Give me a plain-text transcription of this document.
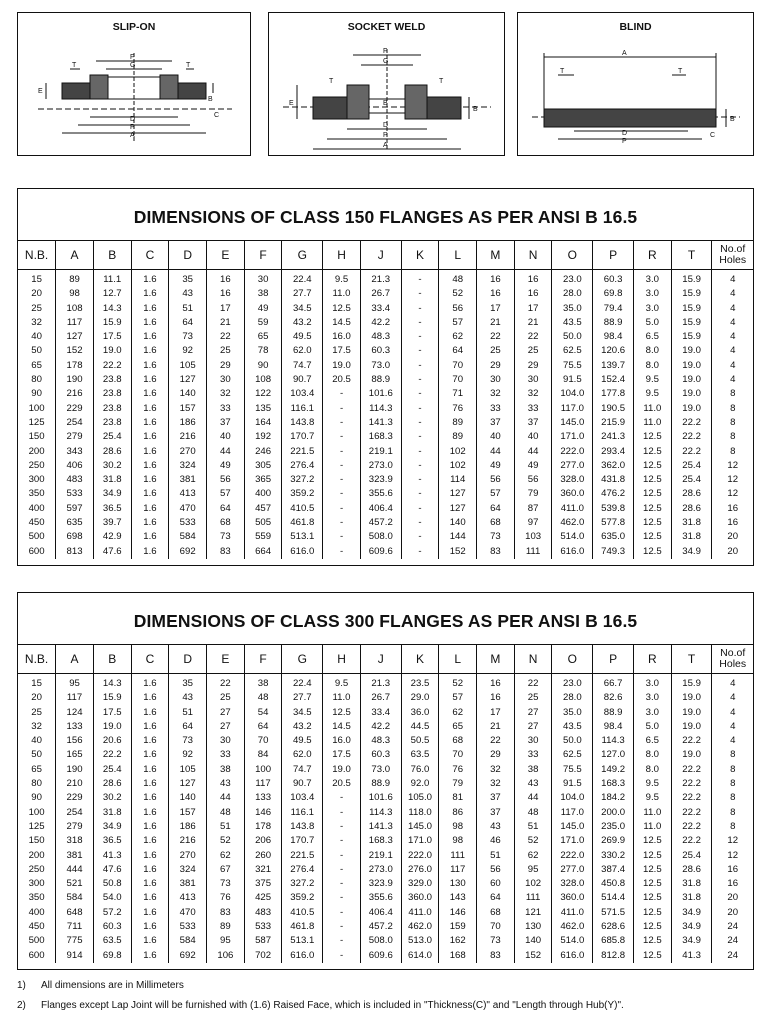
SLIP-ON
A
P
D
F
G
E
B
C
T	T
SOCKET WELD
F
G
P
D
A
E
B
B
T	T
BLIND
A
D
P
T	T
B
C
DIMENSIONS OF CLASS 150 FLANGES AS PER ANSI B 16.5
N.B.	A	B	C	D	E	F	G	H	J	K	L	M	N	O	P	R	T	No.of Holes
15	89	11.1	1.6	35	16	30	22.4	9.5	21.3	-	48	16	16	23.0	60.3	3.0	15.9	4
20	98	12.7	1.6	43	16	38	27.7	11.0	26.7	-	52	16	16	28.0	69.8	3.0	15.9	4
25	108	14.3	1.6	51	17	49	34.5	12.5	33.4	-	56	17	17	35.0	79.4	3.0	15.9	4
32	117	15.9	1.6	64	21	59	43.2	14.5	42.2	-	57	21	21	43.5	88.9	5.0	15.9	4
40	127	17.5	1.6	73	22	65	49.5	16.0	48.3	-	62	22	22	50.0	98.4	6.5	15.9	4
50	152	19.0	1.6	92	25	78	62.0	17.5	60.3	-	64	25	25	62.5	120.6	8.0	19.0	4
65	178	22.2	1.6	105	29	90	74.7	19.0	73.0	-	70	29	29	75.5	139.7	8.0	19.0	4
80	190	23.8	1.6	127	30	108	90.7	20.5	88.9	-	70	30	30	91.5	152.4	9.5	19.0	4
90	216	23.8	1.6	140	32	122	103.4	-	101.6	-	71	32	32	104.0	177.8	9.5	19.0	8
100	229	23.8	1.6	157	33	135	116.1	-	114.3	-	76	33	33	117.0	190.5	11.0	19.0	8
125	254	23.8	1.6	186	37	164	143.8	-	141.3	-	89	37	37	145.0	215.9	11.0	22.2	8
150	279	25.4	1.6	216	40	192	170.7	-	168.3	-	89	40	40	171.0	241.3	12.5	22.2	8
200	343	28.6	1.6	270	44	246	221.5	-	219.1	-	102	44	44	222.0	293.4	12.5	22.2	8
250	406	30.2	1.6	324	49	305	276.4	-	273.0	-	102	49	49	277.0	362.0	12.5	25.4	12
300	483	31.8	1.6	381	56	365	327.2	-	323.9	-	114	56	56	328.0	431.8	12.5	25.4	12
350	533	34.9	1.6	413	57	400	359.2	-	355.6	-	127	57	79	360.0	476.2	12.5	28.6	12
400	597	36.5	1.6	470	64	457	410.5	-	406.4	-	127	64	87	411.0	539.8	12.5	28.6	16
450	635	39.7	1.6	533	68	505	461.8	-	457.2	-	140	68	97	462.0	577.8	12.5	31.8	16
500	698	42.9	1.6	584	73	559	513.1	-	508.0	-	144	73	103	514.0	635.0	12.5	31.8	20
600	813	47.6	1.6	692	83	664	616.0	-	609.6	-	152	83	111	616.0	749.3	12.5	34.9	20
DIMENSIONS OF CLASS 300 FLANGES AS PER ANSI B 16.5
N.B.	A	B	C	D	E	F	G	H	J	K	L	M	N	O	P	R	T	No.of Holes
15	95	14.3	1.6	35	22	38	22.4	9.5	21.3	23.5	52	16	22	23.0	66.7	3.0	15.9	4
20	117	15.9	1.6	43	25	48	27.7	11.0	26.7	29.0	57	16	25	28.0	82.6	3.0	19.0	4
25	124	17.5	1.6	51	27	54	34.5	12.5	33.4	36.0	62	17	27	35.0	88.9	3.0	19.0	4
32	133	19.0	1.6	64	27	64	43.2	14.5	42.2	44.5	65	21	27	43.5	98.4	5.0	19.0	4
40	156	20.6	1.6	73	30	70	49.5	16.0	48.3	50.5	68	22	30	50.0	114.3	6.5	22.2	4
50	165	22.2	1.6	92	33	84	62.0	17.5	60.3	63.5	70	29	33	62.5	127.0	8.0	19.0	8
65	190	25.4	1.6	105	38	100	74.7	19.0	73.0	76.0	76	32	38	75.5	149.2	8.0	22.2	8
80	210	28.6	1.6	127	43	117	90.7	20.5	88.9	92.0	79	32	43	91.5	168.3	9.5	22.2	8
90	229	30.2	1.6	140	44	133	103.4	-	101.6	105.0	81	37	44	104.0	184.2	9.5	22.2	8
100	254	31.8	1.6	157	48	146	116.1	-	114.3	118.0	86	37	48	117.0	200.0	11.0	22.2	8
125	279	34.9	1.6	186	51	178	143.8	-	141.3	145.0	98	43	51	145.0	235.0	11.0	22.2	8
150	318	36.5	1.6	216	52	206	170.7	-	168.3	171.0	98	46	52	171.0	269.9	12.5	22.2	12
200	381	41.3	1.6	270	62	260	221.5	-	219.1	222.0	111	51	62	222.0	330.2	12.5	25.4	12
250	444	47.6	1.6	324	67	321	276.4	-	273.0	276.0	117	56	95	277.0	387.4	12.5	28.6	16
300	521	50.8	1.6	381	73	375	327.2	-	323.9	329.0	130	60	102	328.0	450.8	12.5	31.8	16
350	584	54.0	1.6	413	76	425	359.2	-	355.6	360.0	143	64	111	360.0	514.4	12.5	31.8	20
400	648	57.2	1.6	470	83	483	410.5	-	406.4	411.0	146	68	121	411.0	571.5	12.5	34.9	20
450	711	60.3	1.6	533	89	533	461.8	-	457.2	462.0	159	70	130	462.0	628.6	12.5	34.9	24
500	775	63.5	1.6	584	95	587	513.1	-	508.0	513.0	162	73	140	514.0	685.8	12.5	34.9	24
600	914	69.8	1.6	692	106	702	616.0	-	609.6	614.0	168	83	152	616.0	812.8	12.5	41.3	24
1) All dimensions are in Millimeters
2) Flanges except Lap Joint will be furnished with (1.6) Raised Face, which is included in "Thickness(C)" and "Length through Hub(Y)".
